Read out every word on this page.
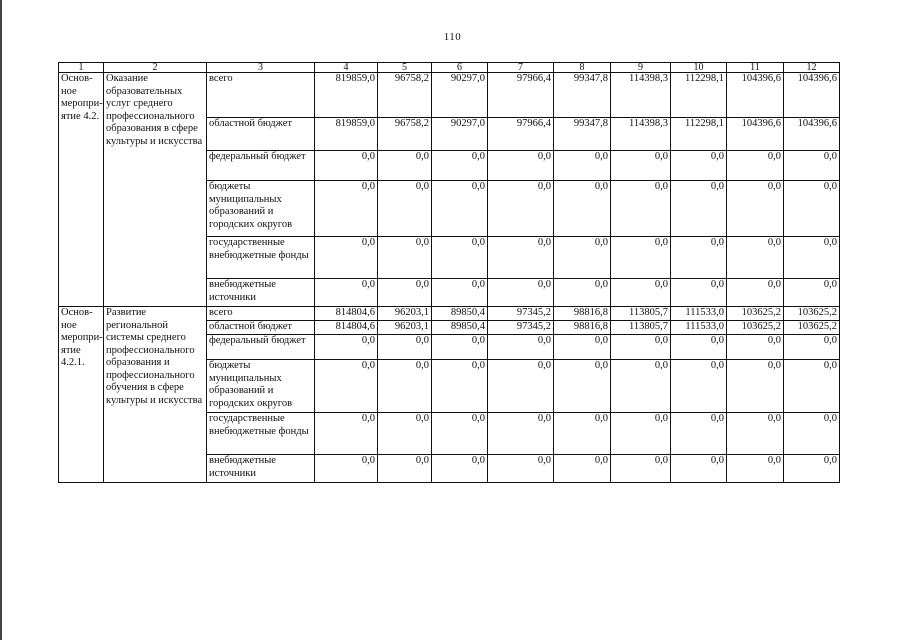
110
1	2	3	4	5	6	7	8	9	10	11	12
Основ-ное меропри-ятие 4.2.	Оказание образовательных услуг среднего профессионального образования в сфере культуры и искусства	всего	819859,0	96758,2	90297,0	97966,4	99347,8	114398,3	112298,1	104396,6	104396,6
		областной бюджет	819859,0	96758,2	90297,0	97966,4	99347,8	114398,3	112298,1	104396,6	104396,6
		федеральный бюджет	0,0	0,0	0,0	0,0	0,0	0,0	0,0	0,0	0,0
		бюджеты муниципальных образований и городских округов	0,0	0,0	0,0	0,0	0,0	0,0	0,0	0,0	0,0
		государственные внебюджетные фонды	0,0	0,0	0,0	0,0	0,0	0,0	0,0	0,0	0,0
		внебюджетные источники	0,0	0,0	0,0	0,0	0,0	0,0	0,0	0,0	0,0
Основ-ное меропри-ятие 4.2.1.	Развитие региональной системы среднего профессионального образования и профессионального обучения в сфере культуры и искусства	всего	814804,6	96203,1	89850,4	97345,2	98816,8	113805,7	111533,0	103625,2	103625,2
		областной бюджет	814804,6	96203,1	89850,4	97345,2	98816,8	113805,7	111533,0	103625,2	103625,2
		федеральный бюджет	0,0	0,0	0,0	0,0	0,0	0,0	0,0	0,0	0,0
		бюджеты муниципальных образований и городских округов	0,0	0,0	0,0	0,0	0,0	0,0	0,0	0,0	0,0
		государственные внебюджетные фонды	0,0	0,0	0,0	0,0	0,0	0,0	0,0	0,0	0,0
		внебюджетные источники	0,0	0,0	0,0	0,0	0,0	0,0	0,0	0,0	0,0
